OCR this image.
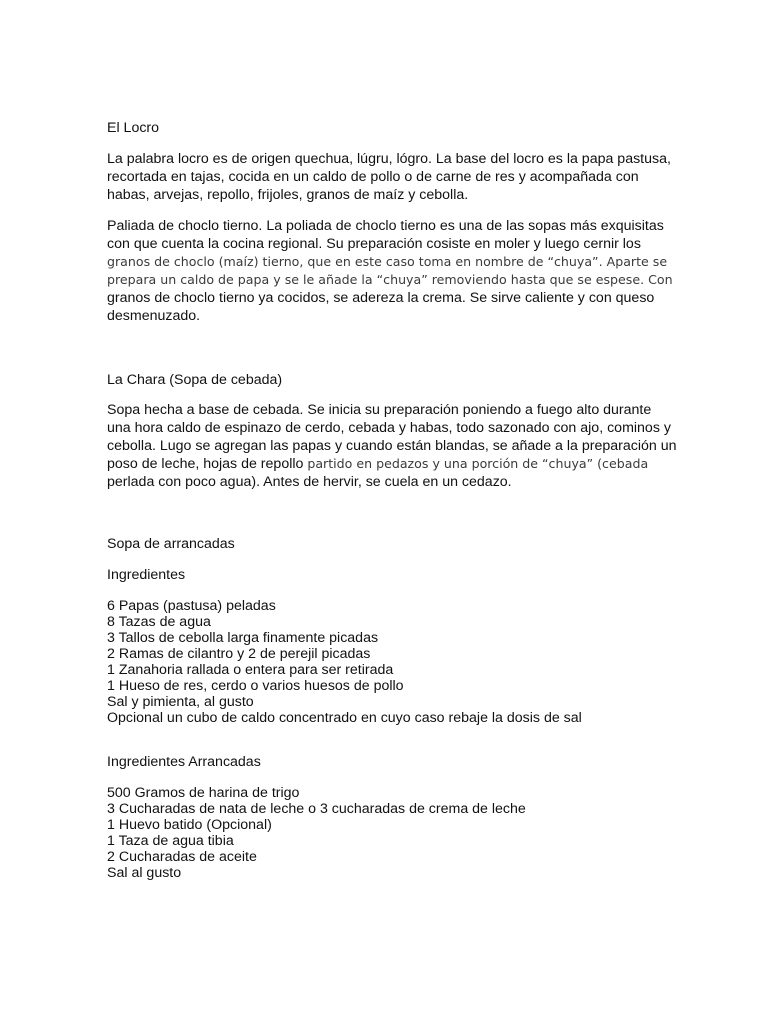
El Locro

La palabra locro es de origen quechua, lúgru, lógro. La base del locro es la papa pastusa,
recortada en tajas, cocida en un caldo de pollo o de carne de res y acompañada con
habas, arvejas, repollo, frijoles, granos de maíz y cebolla.
Paliada de choclo tierno. La poliada de choclo tierno es una de las sopas más exquisitas
con que cuenta la cocina regional. Su preparación cosiste en moler y luego cernir los
granos de choclo (maíz) tierno, que en este caso toma en nombre de “chuya”. Aparte se
prepara un caldo de papa y se le añade la “chuya” removiendo hasta que se espese. Con
granos de choclo tierno ya cocidos, se adereza la crema. Se sirve caliente y con queso
desmenuzado.

La Chara (Sopa de cebada)

Sopa hecha a base de cebada. Se inicia su preparación poniendo a fuego alto durante
una hora caldo de espinazo de cerdo, cebada y habas, todo sazonado con ajo, cominos y
cebolla. Lugo se agregan las papas y cuando están blandas, se añade a la preparación un
poso de leche, hojas de repollo partido en pedazos y una porción de “chuya” (cebada
perlada con poco agua). Antes de hervir, se cuela en un cedazo.

Sopa de arrancadas

Ingredientes

6 Papas (pastusa) peladas
8 Tazas de agua
3 Tallos de cebolla larga finamente picadas
2 Ramas de cilantro y 2 de perejil picadas
1 Zanahoria rallada o entera para ser retirada
1 Hueso de res, cerdo o varios huesos de pollo
Sal y pimienta, al gusto
Opcional un cubo de caldo concentrado en cuyo caso rebaje la dosis de sal

Ingredientes Arrancadas

500 Gramos de harina de trigo
3 Cucharadas de nata de leche o 3 cucharadas de crema de leche
1 Huevo batido (Opcional)
1 Taza de agua tibia
2 Cucharadas de aceite
Sal al gusto
